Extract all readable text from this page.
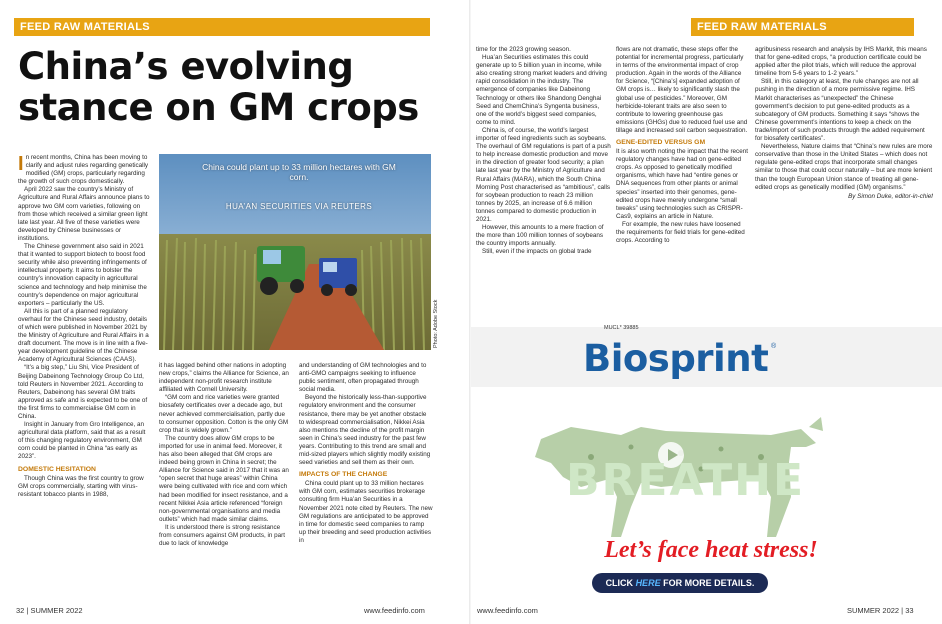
FEED RAW MATERIALS
China’s evolving stance on GM crops

In recent months, China has been moving to clarify and adjust rules regarding genetically modified (GM) crops, particularly regarding the growth of such crops domestically.

April 2022 saw the country’s Ministry of Agriculture and Rural Affairs announce plans to approve two GM corn varieties, following on from those which received a similar green light late last year. All five of these varieties were developed by Chinese businesses or institutions.

The Chinese government also said in 2021 that it wanted to support biotech to boost food security while also preventing infringements of intellectual property. It aims to bolster the country’s innovation capacity in agricultural science and technology and help minimise the country’s dependence on major agricultural exporters – particularly the US.

All this is part of a planned regulatory overhaul for the Chinese seed industry, details of which were published in November 2021 by the Ministry of Agriculture and Rural Affairs in a draft document. The move is in line with a five-year development guideline of the Chinese Academy of Agricultural Sciences (CAAS).

“It’s a big step,” Liu Shi, Vice President of Beijing Dabeinong Technology Group Co Ltd, told Reuters in November 2021. According to Reuters, Dabeinong has several GM traits approved as safe and is expected to be one of the first firms to commercialise GM corn in China.

Insight in January from Gro Intelligence, an agricultural data platform, said that as a result of this changing regulatory environment, GM corn could be planted in China “as early as 2023”.

DOMESTIC HESITATION

Though China was the first country to grow GM crops commercially, starting with virus-resistant tobacco plants in 1988,

China could plant up to 33 million hectares with GM corn.
HUA’AN SECURITIES VIA REUTERS
Photo: Adobe Stock

it has lagged behind other nations in adopting new crops,” claims the Alliance for Science, an independent non-profit research institute affiliated with Cornell University.

“GM corn and rice varieties were granted biosafety certificates over a decade ago, but never achieved commercialisation, partly due to consumer opposition. Cotton is the only GM crop that is widely grown.”

The country does allow GM crops to be imported for use in animal feed. Moreover, it has also been alleged that GM crops are indeed being grown in China in secret; the Alliance for Science said in 2017 that it was an “open secret that huge areas” within China were being cultivated with rice and corn which had been modified for insect resistance, and a recent Nikkei Asia article referenced “foreign non-governmental organisations and media outlets” which had made similar claims.

It is understood there is strong resistance from consumers against GM products, in part due to lack of knowledge

and understanding of GM technologies and to anti-GMO campaigns seeking to influence public sentiment, often propagated through social media.

Beyond the historically less-than-supportive regulatory environment and the consumer resistance, there may be yet another obstacle to widespread commercialisation, Nikkei Asia also mentions the decline of the profit margin seen in China’s seed industry for the past few years. Contributing to this trend are small and mid-sized players which slightly modify existing seed varieties and sell them as their own.

IMPACTS OF THE CHANGE

China could plant up to 33 million hectares with GM corn, estimates securities brokerage consulting firm Hua’an Securities in a November 2021 note cited by Reuters. The new GM regulations are anticipated to be approved in time for domestic seed companies to ramp up their breeding and seed production activities in

32 | SUMMER 2022	www.feedinfo.com
FEED RAW MATERIALS

time for the 2023 growing season.

Hua’an Securities estimates this could generate up to 5 billion yuan in income, while also creating strong market leaders and driving rapid consolidation in the industry. The emergence of companies like Dabeinong Technology or others like Shandong Denghai Seed and ChemChina’s Syngenta business, one of the world’s biggest seed companies, come to mind.

China is, of course, the world’s largest importer of feed ingredients such as soybeans. The overhaul of GM regulations is part of a push to help increase domestic production and move in the direction of greater food security; a plan late last year by the Ministry of Agriculture and Rural Affairs (MARA), which the South China Morning Post characterised as “ambitious”, calls for soybean production to reach 23 million tonnes by 2025, an increase of 6.6 million tonnes compared to domestic production in 2021.

However, this amounts to a mere fraction of the more than 100 million tonnes of soybeans the country imports annually.

Still, even if the impacts on global trade

flows are not dramatic, these steps offer the potential for incremental progress, particularly in terms of the environmental impact of crop production. Again in the words of the Alliance for Science, “[China’s] expanded adoption of GM crops is… likely to significantly slash the global use of pesticides.” Moreover, GM herbicide-tolerant traits are also seen to contribute to lowering greenhouse gas emissions (GHGs) due to reduced fuel use and tillage and increased soil carbon sequestration.

GENE-EDITED VERSUS GM

It is also worth noting the impact that the recent regulatory changes have had on gene-edited crops. As opposed to genetically modified organisms, which have had “entire genes or DNA sequences from other plants or animal species” inserted into their genomes, gene-edited crops have merely undergone “small tweaks” using technologies such as CRISPR-Cas9, explains an article in Nature.

For example, the new rules have loosened the requirements for field trials for gene-edited crops. According to

agribusiness research and analysis by IHS Markit, this means that for gene-edited crops, “a production certificate could be applied after the pilot trials, which will reduce the approval timeline from 5-6 years to 1-2 years.”

Still, in this category at least, the rule changes are not all pushing in the direction of a more permissive regime. IHS Markit characterises as “unexpected” the Chinese government’s decision to put gene-edited products as a subcategory of GM products. Something it says “shows the Chinese government’s intentions to keep a check on the trade/import of such products through the added requirement for biosafety certificates”.

Nevertheless, Nature claims that “China’s new rules are more conservative than those in the United States – which does not regulate gene-edited crops that incorporate small changes similar to those that could occur naturally – but are more lenient than the tough European Union stance of treating all gene-edited crops as genetically modified (GM) organisms.”

By Simon Duke, editor-in-chief
MUCL* 39885
Biosprint ®
BREATHE
Let’s face heat stress!
CLICK HERE FOR MORE DETAILS.
www.feedinfo.com	SUMMER 2022 | 33
